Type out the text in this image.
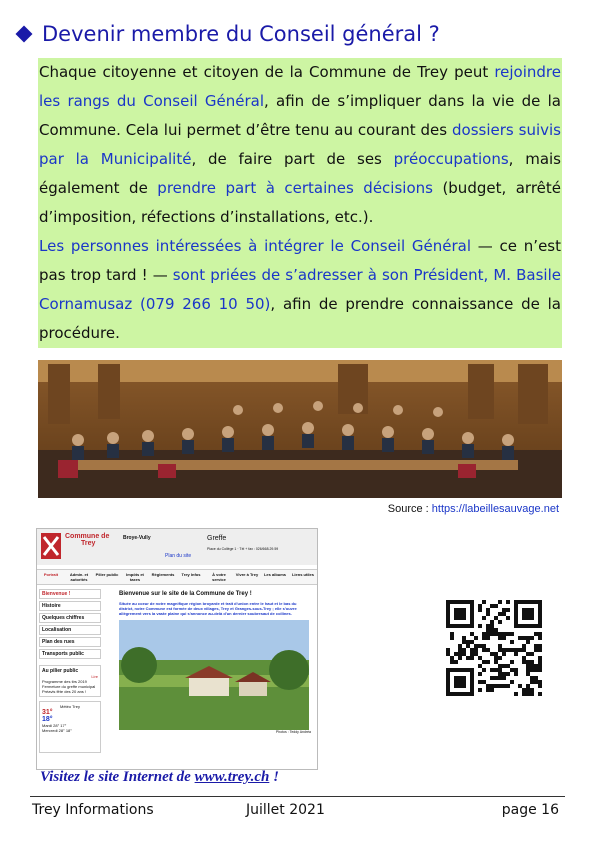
Devenir membre du Conseil général ?

Chaque citoyenne et citoyen de la Commune de Trey peut rejoindre les rangs du Conseil Général, afin de s’impliquer dans la vie de la Commune. Cela lui permet d’être tenu au courant des dossiers suivis par la Municipalité, de faire part de ses préoccupations, mais également de prendre part à certaines décisions (budget, arrêté d’imposition, réfections d’installations, etc.).

Les personnes intéressées à intégrer le Conseil Général — ce n’est pas trop tard ! — sont priées de s’adresser à son Président, M. Basile Cornamusaz (079 266 10 50), afin de prendre connaissance de la procédure.

Source : https://labeillesauvage.net
Commune de
Trey
Broye-Vully
Plan du site
Greffe
Place du Collège 1 · Tél + fax : 026/668.29.59
Portrait	Admin. et autorités
Pilier public	Impôts et taxes
Règlements	Trey Infos	À votre service
Vivre à Trey	Les albums	Liens utiles
Bienvenue !
Histoire
Quelques chiffres
Localisation
Plan des rues
Transports public
Au pilier public
Lire
Programme des tirs 2019
Fermeture du greffe municipal
Préavis fête des 20 ans !
Météo Trey
31°
18°
Mardi 28° 17°
Mercredi 28° 18°
Bienvenue sur le site de la Commune de Trey !
Située au coeur de notre magnifique région broyarde et trait d'union entre le haut et le bas du district, notre Commune est formée de deux villages, Trey et Granges-sous-Trey ; elle s'ouvre allègrement vers la vaste plaine qui s'annonce au-delà d'un dernier soubresaut de collines.
Photos : Teddy Andréa
Visitez le site Internet de www.trey.ch !
Trey Informations	Juillet 2021	page 16
